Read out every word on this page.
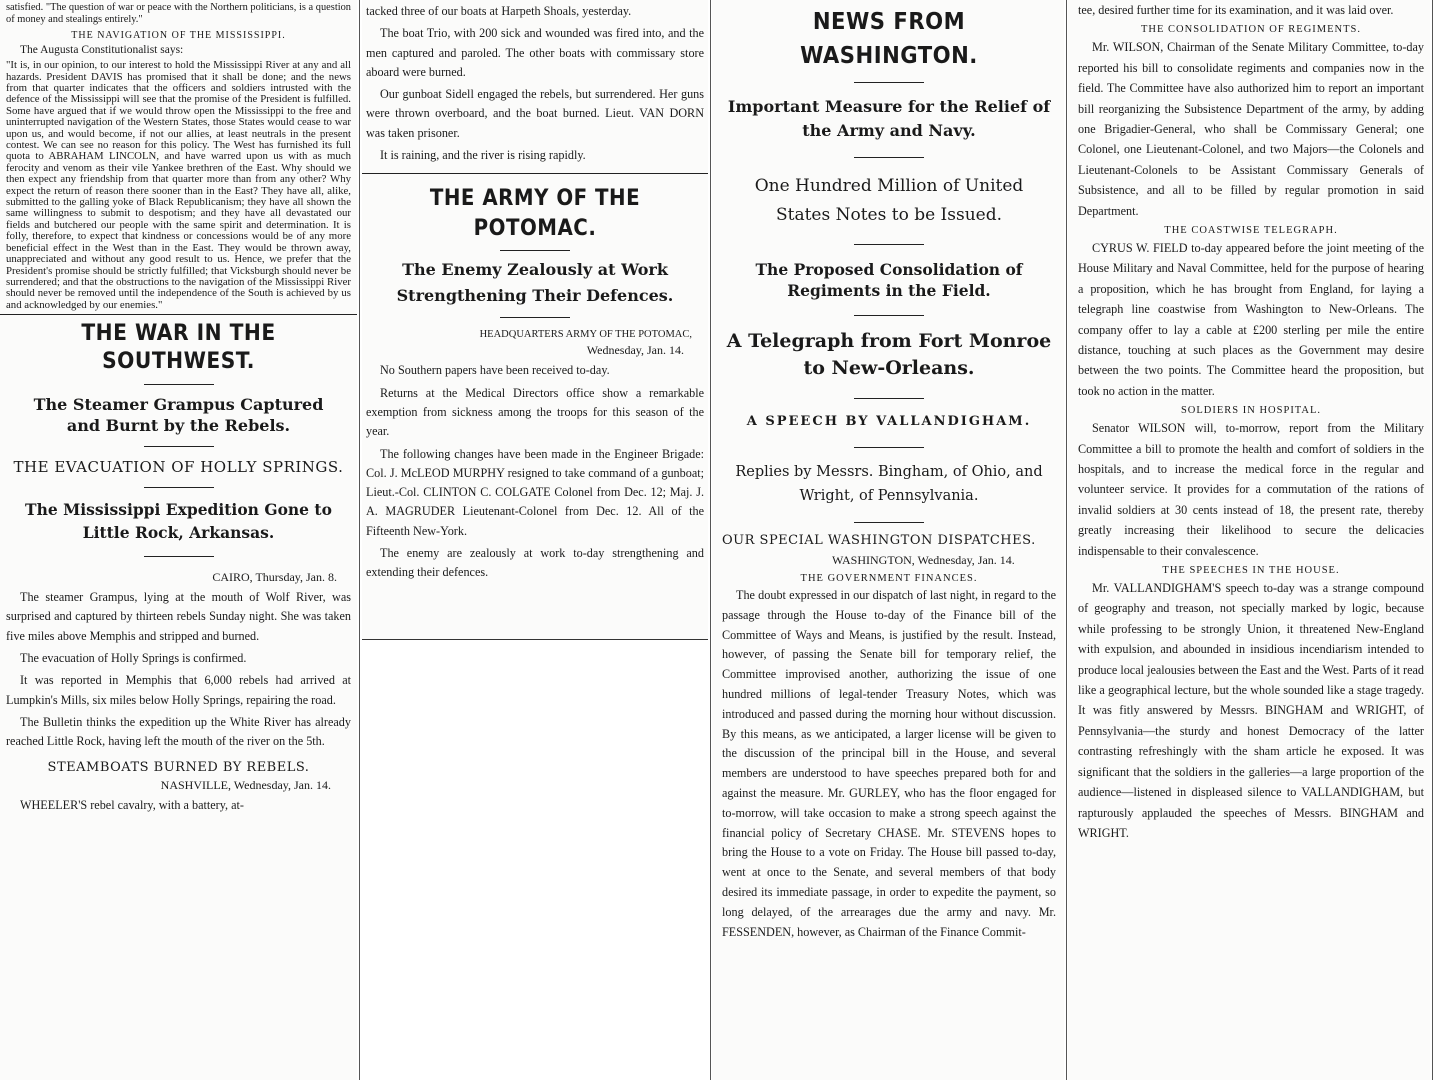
satisfied. "The question of war or peace with the Northern politicians, is a question of money and stealings entirely."

THE NAVIGATION OF THE MISSISSIPPI.

The Augusta Constitutionalist says:

"It is, in our opinion, to our interest to hold the Mississippi River at any and all hazards. President DAVIS has promised that it shall be done; and the news from that quarter indicates that the officers and soldiers intrusted with the defence of the Mississippi will see that the promise of the President is fulfilled. Some have argued that if we would throw open the Mississippi to the free and uninterrupted navigation of the Western States, those States would cease to war upon us, and would become, if not our allies, at least neutrals in the present contest. We can see no reason for this policy. The West has furnished its full quota to ABRAHAM LINCOLN, and have warred upon us with as much ferocity and venom as their vile Yankee brethren of the East. Why should we then expect any friendship from that quarter more than from any other? Why expect the return of reason there sooner than in the East? They have all, alike, submitted to the galling yoke of Black Republicanism; they have all shown the same willingness to submit to despotism; and they have all devastated our fields and butchered our people with the same spirit and determination. It is folly, therefore, to expect that kindness or concessions would be of any more beneficial effect in the West than in the East. They would be thrown away, unappreciated and without any good result to us. Hence, we prefer that the President's promise should be strictly fulfilled; that Vicksburgh should never be surrendered; and that the obstructions to the navigation of the Mississippi River should never be removed until the independence of the South is achieved by us and acknowledged by our enemies."

THE WAR IN THE SOUTHWEST.
The Steamer Grampus Captured and Burnt by the Rebels.
THE EVACUATION OF HOLLY SPRINGS.
The Mississippi Expedition Gone to Little Rock, Arkansas.
CAIRO, Thursday, Jan. 8.

The steamer Grampus, lying at the mouth of Wolf River, was surprised and captured by thirteen rebels Sunday night. She was taken five miles above Memphis and stripped and burned.

The evacuation of Holly Springs is confirmed.

It was reported in Memphis that 6,000 rebels had arrived at Lumpkin's Mills, six miles below Holly Springs, repairing the road.

The Bulletin thinks the expedition up the White River has already reached Little Rock, having left the mouth of the river on the 5th.

STEAMBOATS BURNED BY REBELS.
NASHVILLE, Wednesday, Jan. 14.

WHEELER'S rebel cavalry, with a battery, at-

tacked three of our boats at Harpeth Shoals, yesterday.

The boat Trio, with 200 sick and wounded was fired into, and the men captured and paroled. The other boats with commissary store aboard were burned.

Our gunboat Sidell engaged the rebels, but surrendered. Her guns were thrown overboard, and the boat burned. Lieut. VAN DORN was taken prisoner.

It is raining, and the river is rising rapidly.

THE ARMY OF THE POTOMAC.
The Enemy Zealously at Work Strengthening Their Defences.
HEADQUARTERS ARMY OF THE POTOMAC,
Wednesday, Jan. 14.

No Southern papers have been received to-day.

Returns at the Medical Directors office show a remarkable exemption from sickness among the troops for this season of the year.

The following changes have been made in the Engineer Brigade: Col. J. McLEOD MURPHY resigned to take command of a gunboat; Lieut.-Col. CLINTON C. COLGATE Colonel from Dec. 12; Maj. J. A. MAGRUDER Lieutenant-Colonel from Dec. 12. All of the Fifteenth New-York.

The enemy are zealously at work to-day strengthening and extending their defences.

NEWS FROM WASHINGTON.
Important Measure for the Relief of the Army and Navy.
One Hundred Million of United States Notes to be Issued.
The Proposed Consolidation of Regiments in the Field.
A Telegraph from Fort Monroe to New-Orleans.
A SPEECH BY VALLANDIGHAM.
Replies by Messrs. Bingham, of Ohio, and Wright, of Pennsylvania.
OUR SPECIAL WASHINGTON DISPATCHES.
WASHINGTON, Wednesday, Jan. 14.
THE GOVERNMENT FINANCES.

The doubt expressed in our dispatch of last night, in regard to the passage through the House to-day of the Finance bill of the Committee of Ways and Means, is justified by the result. Instead, however, of passing the Senate bill for temporary relief, the Committee improvised another, authorizing the issue of one hundred millions of legal-tender Treasury Notes, which was introduced and passed during the morning hour without discussion. By this means, as we anticipated, a larger license will be given to the discussion of the principal bill in the House, and several members are understood to have speeches prepared both for and against the measure. Mr. GURLEY, who has the floor engaged for to-morrow, will take occasion to make a strong speech against the financial policy of Secretary CHASE. Mr. STEVENS hopes to bring the House to a vote on Friday. The House bill passed to-day, went at once to the Senate, and several members of that body desired its immediate passage, in order to expedite the payment, so long delayed, of the arrearages due the army and navy. Mr. FESSENDEN, however, as Chairman of the Finance Commit-

tee, desired further time for its examination, and it was laid over.

THE CONSOLIDATION OF REGIMENTS.

Mr. WILSON, Chairman of the Senate Military Committee, to-day reported his bill to consolidate regiments and companies now in the field. The Committee have also authorized him to report an important bill reorganizing the Subsistence Department of the army, by adding one Brigadier-General, who shall be Commissary General; one Colonel, one Lieutenant-Colonel, and two Majors—the Colonels and Lieutenant-Colonels to be Assistant Commissary Generals of Subsistence, and all to be filled by regular promotion in said Department.

THE COASTWISE TELEGRAPH.

CYRUS W. FIELD to-day appeared before the joint meeting of the House Military and Naval Committee, held for the purpose of hearing a proposition, which he has brought from England, for laying a telegraph line coastwise from Washington to New-Orleans. The company offer to lay a cable at £200 sterling per mile the entire distance, touching at such places as the Government may desire between the two points. The Committee heard the proposition, but took no action in the matter.

SOLDIERS IN HOSPITAL.

Senator WILSON will, to-morrow, report from the Military Committee a bill to promote the health and comfort of soldiers in the hospitals, and to increase the medical force in the regular and volunteer service. It provides for a commutation of the rations of invalid soldiers at 30 cents instead of 18, the present rate, thereby greatly increasing their likelihood to secure the delicacies indispensable to their convalescence.

THE SPEECHES IN THE HOUSE.

Mr. VALLANDIGHAM'S speech to-day was a strange compound of geography and treason, not specially marked by logic, because while professing to be strongly Union, it threatened New-England with expulsion, and abounded in insidious incendiarism intended to produce local jealousies between the East and the West. Parts of it read like a geographical lecture, but the whole sounded like a stage tragedy. It was fitly answered by Messrs. BINGHAM and WRIGHT, of Pennsylvania—the sturdy and honest Democracy of the latter contrasting refreshingly with the sham article he exposed. It was significant that the soldiers in the galleries—a large proportion of the audience—listened in displeased silence to VALLANDIGHAM, but rapturously applauded the speeches of Messrs. BINGHAM and WRIGHT.
